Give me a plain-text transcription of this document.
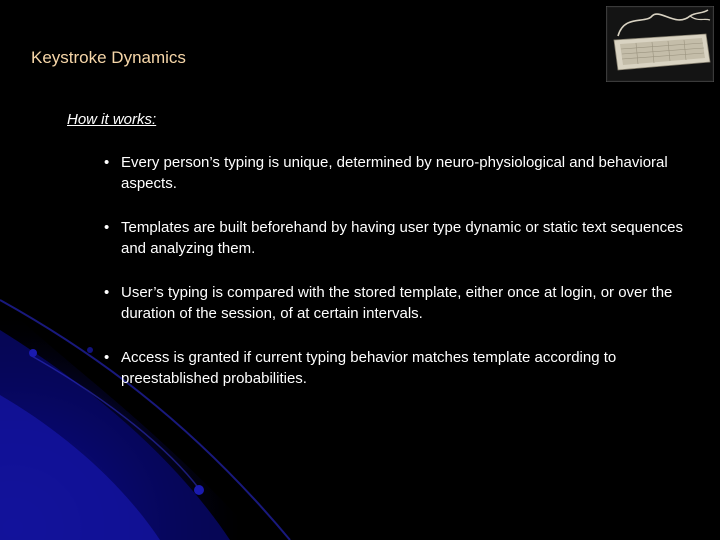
Keystroke Dynamics
How it works:
• Every person’s typing is unique, determined by neuro-physiological and behavioral aspects.
• Templates are built beforehand by having user type dynamic or static text sequences and analyzing them.
• User’s typing is compared with the stored template, either once at login, or over the duration of the session, of at certain intervals.
• Access is granted if current typing behavior matches template according to preestablished probabilities.
